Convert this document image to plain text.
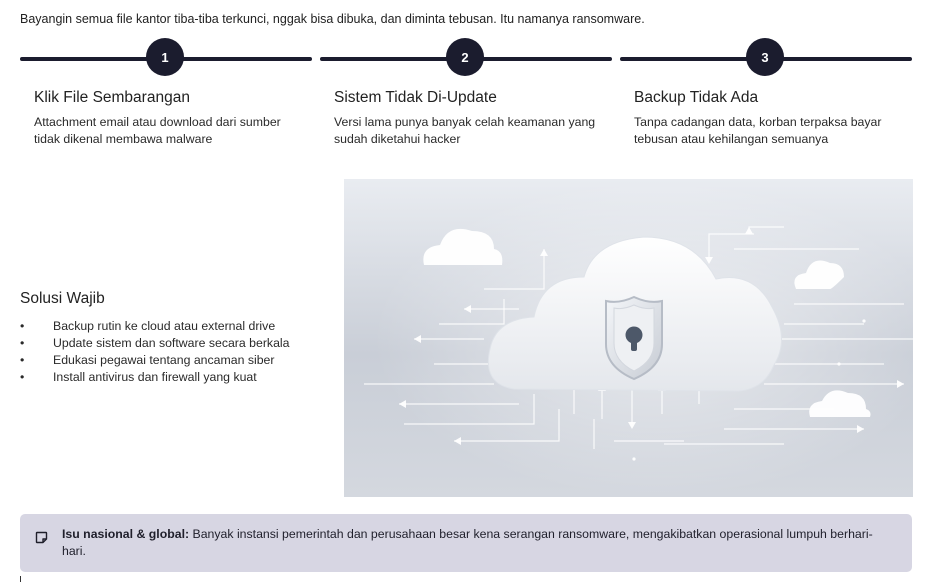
Bayangin semua file kantor tiba-tiba terkunci, nggak bisa dibuka, dan diminta tebusan. Itu namanya ransomware.
1
Klik File Sembarangan
Attachment email atau download dari sumber tidak dikenal membawa malware
2
Sistem Tidak Di-Update
Versi lama punya banyak celah keamanan yang sudah diketahui hacker
3
Backup Tidak Ada
Tanpa cadangan data, korban terpaksa bayar tebusan atau kehilangan semuanya
Solusi Wajib
• Backup rutin ke cloud atau external drive
• Update sistem dan software secara berkala
• Edukasi pegawai tentang ancaman siber
• Install antivirus dan firewall yang kuat
Isu nasional & global: Banyak instansi pemerintah dan perusahaan besar kena serangan ransomware, mengakibatkan operasional lumpuh berhari-hari.
